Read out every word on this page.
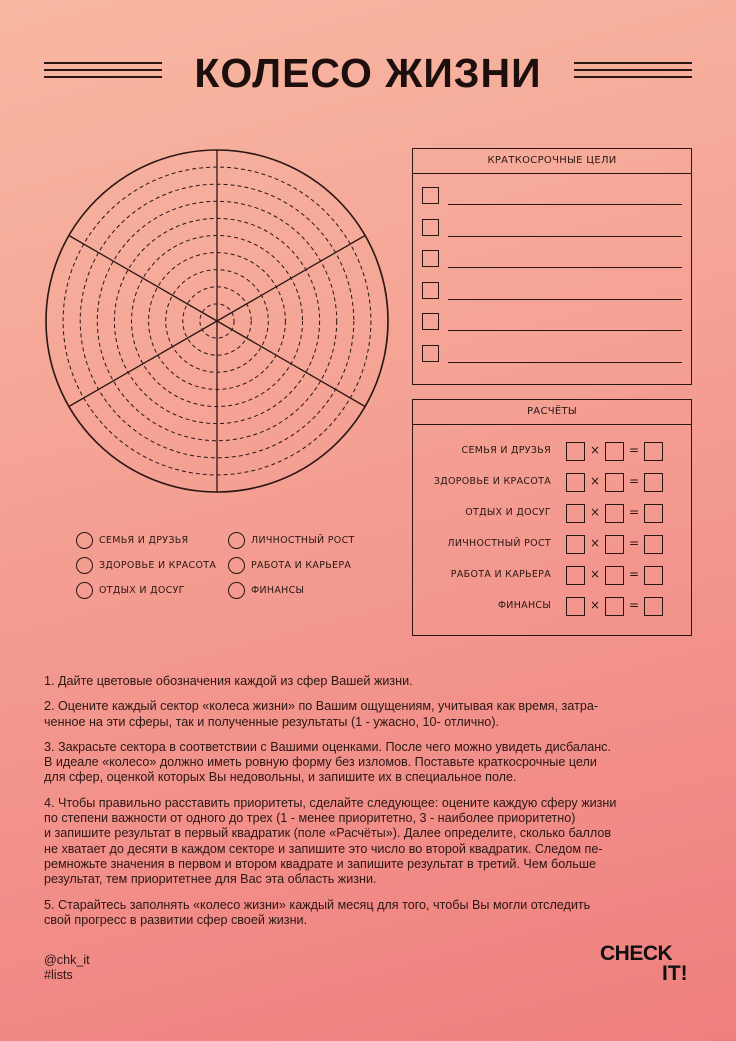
КОЛЕСО ЖИЗНИ
КРАТКОСРОЧНЫЕ ЦЕЛИ
РАСЧЁТЫ
СЕМЬЯ И ДРУЗЬЯ	× =
ЗДОРОВЬЕ И КРАСОТА	× =
ОТДЫХ И ДОСУГ	× =
ЛИЧНОСТНЫЙ РОСТ	× =
РАБОТА И КАРЬЕРА	× =
ФИНАНСЫ	× =
СЕМЬЯ И ДРУЗЬЯ
ЗДОРОВЬЕ И КРАСОТА
ОТДЫХ И ДОСУГ
ЛИЧНОСТНЫЙ РОСТ
РАБОТА И КАРЬЕРА
ФИНАНСЫ

1. Дайте цветовые обозначения каждой из сфер Вашей жизни.

2. Оцените каждый сектор «колеса жизни» по Вашим ощущениям, учитывая как время, затра-
ченное на эти сферы, так и полученные результаты (1 - ужасно, 10- отлично).

3. Закрасьте сектора в соответствии с Вашими оценками. После чего можно увидеть дисбаланс.
В идеале «колесо» должно иметь ровную форму без изломов. Поставьте краткосрочные цели
для сфер, оценкой которых Вы недовольны, и запишите их в специальное поле.

4. Чтобы правильно расставить приоритеты, сделайте следующее: оцените каждую сферу жизни
по степени важности от одного до трех (1 - менее приоритетно, 3 - наиболее приоритетно)
и запишите результат в первый квадратик (поле «Расчёты»). Далее определите, сколько баллов
не хватает до десяти в каждом секторе и запишите это число во второй квадратик. Следом пе-
ремножьте значения в первом и втором квадрате и запишите результат в третий. Чем больше
результат, тем приоритетнее для Вас эта область жизни.

5. Старайтесь заполнять «колесо жизни» каждый месяц для того, чтобы Вы могли отследить
свой прогресс в развитии сфер своей жизни.

@chk_it
#lists
CHECK
IT!
